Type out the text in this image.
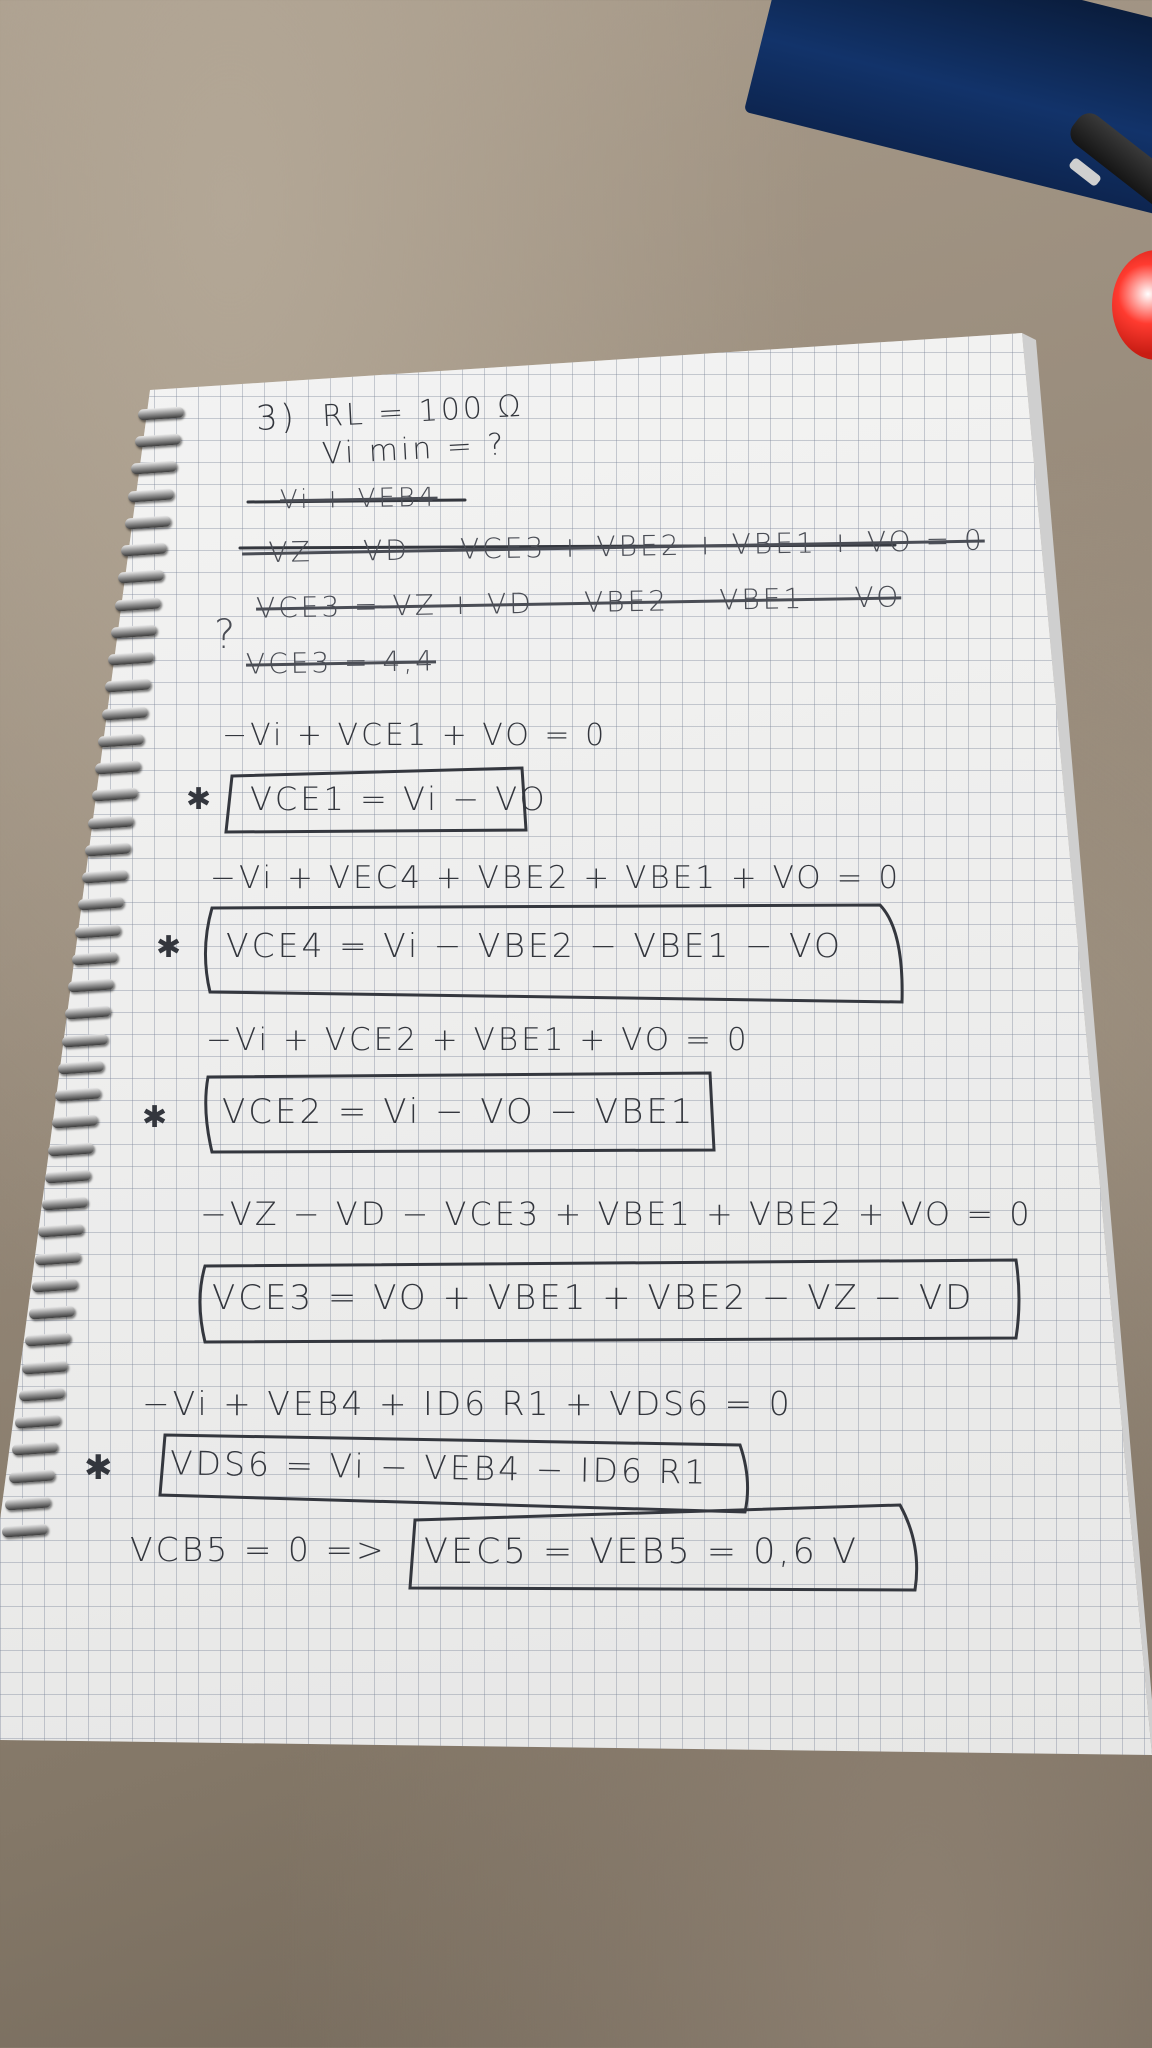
3) RL = 100 Ω
Vi min = ?
Vi + VEB4
−VZ − VD − VCE3 + VBE2 + VBE1 + VO = 0
VCE3 = VZ + VD − VBE2 − VBE1 − VO
?
VCE3 = 4,4
−Vi + VCE1 + VO = 0
✱ VCE1 = Vi − VO
−Vi + VEC4 + VBE2 + VBE1 + VO = 0
✱ VCE4 = Vi − VBE2 − VBE1 − VO
−Vi + VCE2 + VBE1 + VO = 0
✱ VCE2 = Vi − VO − VBE1
−VZ − VD − VCE3 + VBE1 + VBE2 + VO = 0
VCE3 = VO + VBE1 + VBE2 − VZ − VD
−Vi + VEB4 + ID6 R1 + VDS6 = 0
✱ VDS6 = Vi − VEB4 − ID6 R1
VCB5 = 0 => VEC5 = VEB5 = 0,6 V
